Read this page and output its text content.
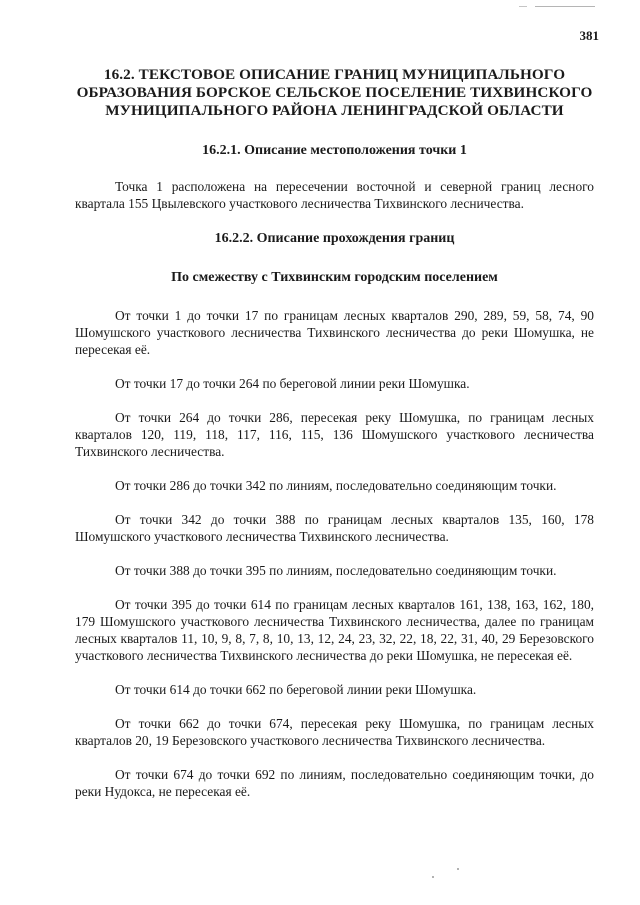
381
16.2. ТЕКСТОВОЕ ОПИСАНИЕ ГРАНИЦ МУНИЦИПАЛЬНОГО ОБРАЗОВАНИЯ БОРСКОЕ СЕЛЬСКОЕ ПОСЕЛЕНИЕ ТИХВИНСКОГО МУНИЦИПАЛЬНОГО РАЙОНА ЛЕНИНГРАДСКОЙ ОБЛАСТИ
16.2.1. Описание местоположения точки 1

Точка 1 расположена на пересечении восточной и северной границ лесного квартала 155 Цвылевского участкового лесничества Тихвинского лесничества.

16.2.2. Описание прохождения границ
По смежеству с Тихвинским городским поселением

От точки 1 до точки 17 по границам лесных кварталов 290, 289, 59, 58, 74, 90 Шомушского участкового лесничества Тихвинского лесничества до реки Шомушка, не пересекая её.

От точки 17 до точки 264 по береговой линии реки Шомушка.

От точки 264 до точки 286, пересекая реку Шомушка, по границам лесных кварталов 120, 119, 118, 117, 116, 115, 136 Шомушского участкового лесничества Тихвинского лесничества.

От точки 286 до точки 342 по линиям, последовательно соединяющим точки.

От точки 342 до точки 388 по границам лесных кварталов 135, 160, 178 Шомушского участкового лесничества Тихвинского лесничества.

От точки 388 до точки 395 по линиям, последовательно соединяющим точки.

От точки 395 до точки 614 по границам лесных кварталов 161, 138, 163, 162, 180, 179 Шомушского участкового лесничества Тихвинского лесничества, далее по границам лесных кварталов 11, 10, 9, 8, 7, 8, 10, 13, 12, 24, 23, 32, 22, 18, 22, 31, 40, 29 Березовского участкового лесничества Тихвинского лесничества до реки Шомушка, не пересекая её.

От точки 614 до точки 662 по береговой линии реки Шомушка.

От точки 662 до точки 674, пересекая реку Шомушка, по границам лесных кварталов 20, 19 Березовского участкового лесничества Тихвинского лесничества.

От точки 674 до точки 692 по линиям, последовательно соединяющим точки, до реки Нудокса, не пересекая её.
